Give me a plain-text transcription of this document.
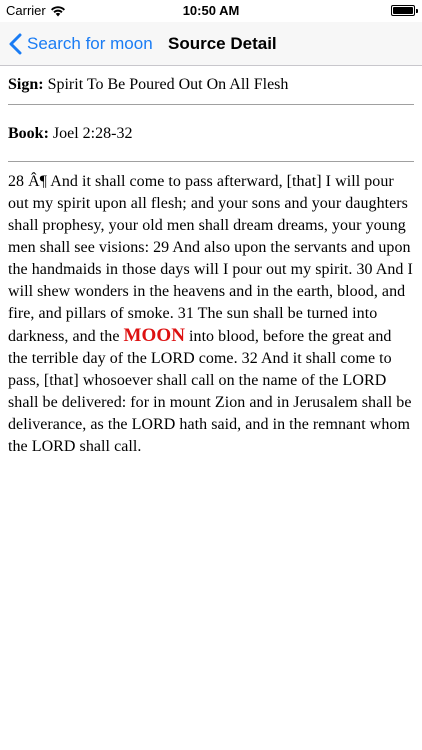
Carrier	10:50 AM
Search for moon Source Detail
Sign: Spirit To Be Poured Out On All Flesh
Book: Joel 2:28-32
28 Â¶ And it shall come to pass afterward, [that] I will pour out my spirit upon all flesh; and your sons and your daughters shall prophesy, your old men shall dream dreams, your young men shall see visions: 29 And also upon the servants and upon the handmaids in those days will I pour out my spirit. 30 And I will shew wonders in the heavens and in the earth, blood, and fire, and pillars of smoke. 31 The sun shall be turned into darkness, and the MOON into blood, before the great and the terrible day of the LORD come. 32 And it shall come to pass, [that] whosoever shall call on the name of the LORD shall be delivered: for in mount Zion and in Jerusalem shall be deliverance, as the LORD hath said, and in the remnant whom the LORD shall call.
